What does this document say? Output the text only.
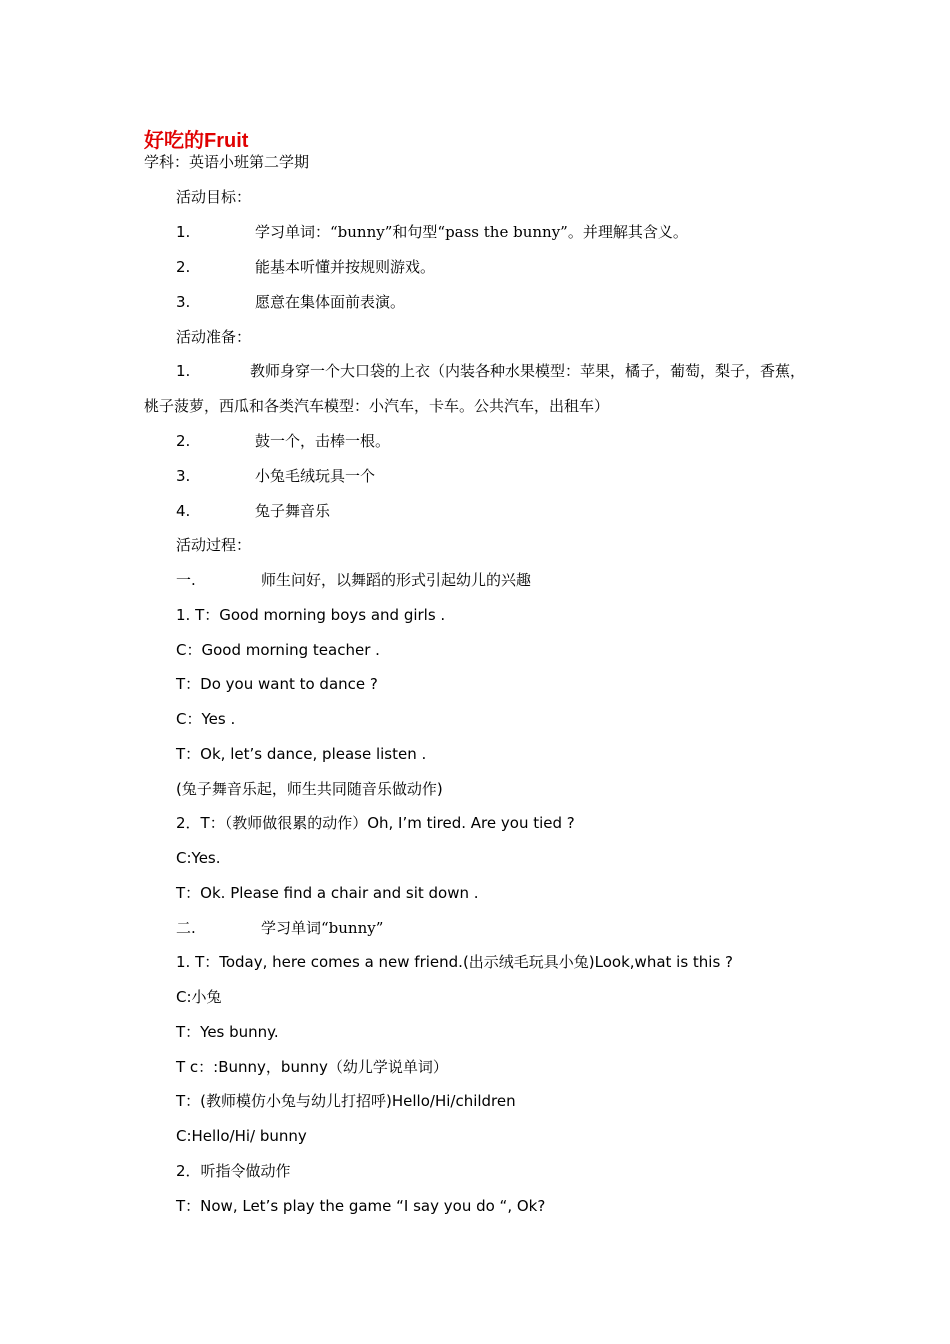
好吃的Fruit
学科：英语小班第二学期
活动目标：
1.	学习单词：“bunny”和句型“pass the bunny”。并理解其含义。
2.	能基本听懂并按规则游戏。
3.	愿意在集体面前表演。
活动准备：
1.	教师身穿一个大口袋的上衣（内装各种水果模型：苹果，橘子，葡萄，梨子，香蕉，
桃子菠萝，西瓜和各类汽车模型：小汽车，卡车。公共汽车，出租车）
2.	鼓一个，击棒一根。
3.	小兔毛绒玩具一个
4.	兔子舞音乐
活动过程：
一.	师生问好，以舞蹈的形式引起幼儿的兴趣
1. T：Good morning boys and girls .
C：Good morning teacher .
T：Do you want to dance ?
C：Yes .
T：Ok, let’s dance, please listen .
(兔子舞音乐起，师生共同随音乐做动作)
2．T：（教师做很累的动作）Oh, I’m tired. Are you tied ?
C:Yes.
T：Ok. Please find a chair and sit down .
二.	学习单词“bunny”
1. T：Today, here comes a new friend.(出示绒毛玩具小兔)Look,what is this ?
C:小兔
T：Yes bunny.
T c：:Bunny，bunny（幼儿学说单词）
T：(教师模仿小兔与幼儿打招呼)Hello/Hi/children
C:Hello/Hi/ bunny
2．听指令做动作
T：Now, Let’s play the game “I say you do “, Ok?
